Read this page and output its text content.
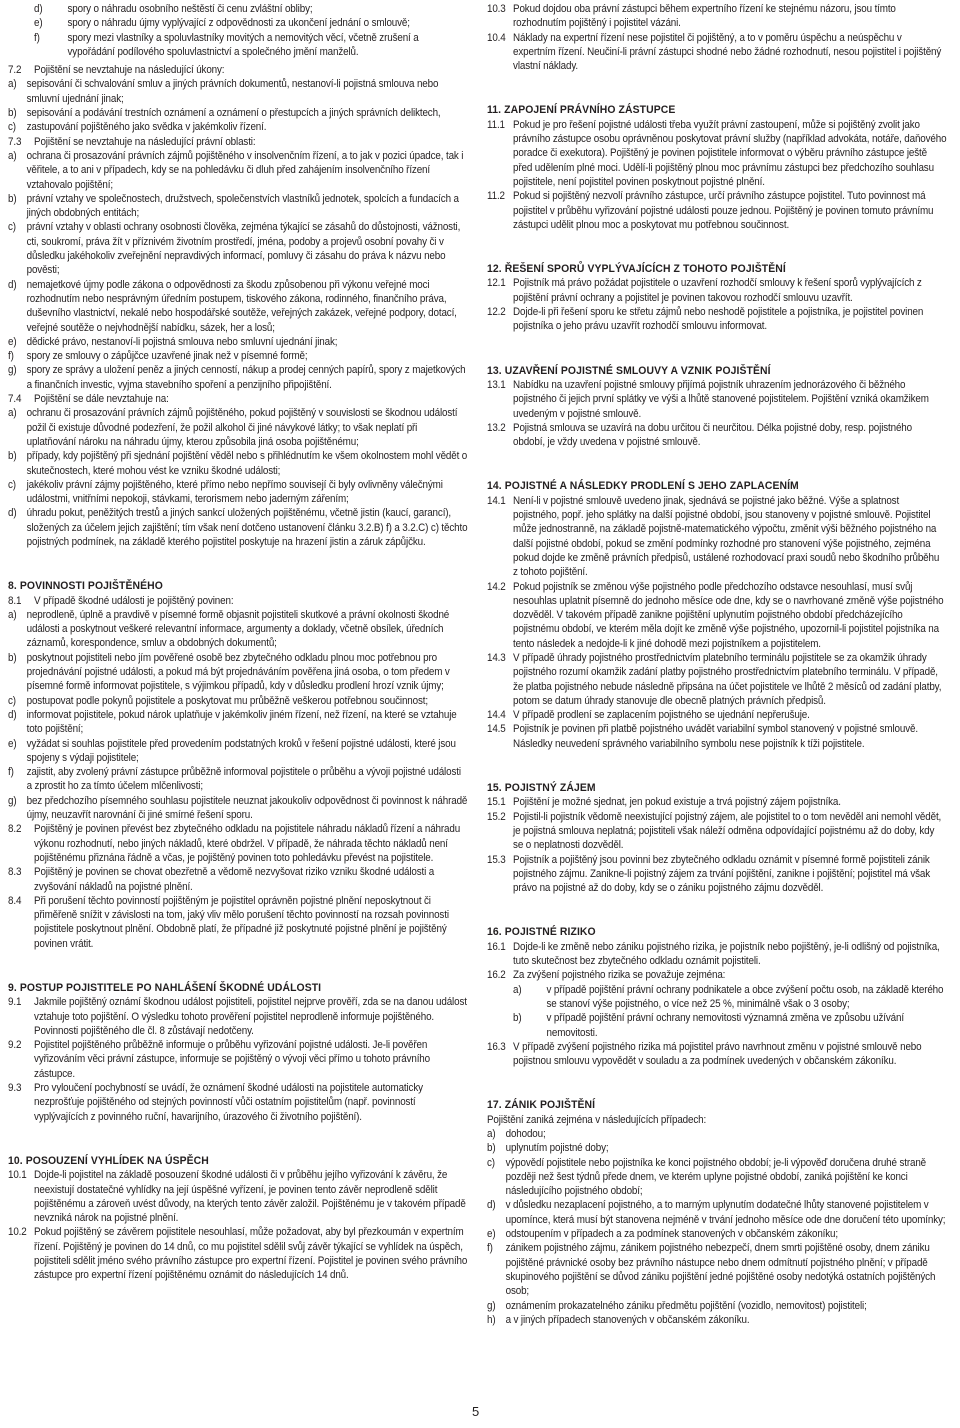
d) spory o náhradu osobního neštěstí či cenu zvláštní obliby;
e) spory o náhradu újmy vyplývající z odpovědnosti za ukončení jednání o smlouvě;
f)	spory mezi vlastníky a spoluvlastníky movitých a nemovitých věcí, včetně zrušení a vypořádání podílového spoluvlastnictví a společného jmění manželů.
7.2 Pojištění se nevztahuje na následující úkony:
a) sepisování či schvalování smluv a jiných právních dokumentů, nestanoví-li pojistná smlouva nebo smluvní ujednání jinak;
b) sepisování a podávání trestních oznámení a oznámení o přestupcích a jiných správních deliktech,
c) zastupování pojištěného jako svědka v jakémkoliv řízení.
7.3 Pojištění se nevztahuje na následující právní oblasti:
a) ochrana či prosazování právních zájmů pojištěného v insolvenčním řízení, a to jak v pozici úpadce, tak i věřitele, a to ani v případech, kdy se na pohledávku či dluh před zahájením insolvenčního řízení vztahovalo pojištění;
b) právní vztahy ve společnostech, družstvech, společenstvích vlastníků jednotek, spolcích a fundacích a jiných obdobných entitách;
c) právní vztahy v oblasti ochrany osobnosti člověka, zejména týkající se zásahů do důstojnosti, vážnosti, cti, soukromí, práva žít v příznivém životním prostředí, jména, podoby a projevů osobní povahy či v důsledku jakéhokoliv zveřejnění nepravdivých informací, pomluvy či zásahu do práva k názvu nebo pověsti;
d) nemajetkové újmy podle zákona o odpovědnosti za škodu způsobenou při výkonu veřejné moci rozhodnutím nebo nesprávným úředním postupem, tiskového zákona, rodinného, finančního práva, duševního vlastnictví, nekalé nebo hospodářské soutěže, veřejných zakázek, veřejné podpory, dotací, veřejné soutěže o nejvhodnější nabídku, sázek, her a losů;
e) dědické právo, nestanoví-li pojistná smlouva nebo smluvní ujednání jinak;
f) spory ze smlouvy o zápůjčce uzavřené jinak než v písemné formě;
g) spory ze správy a uložení peněz a jiných cenností, nákup a prodej cenných papírů, spory z majetkových a finančních investic, vyjma stavebního spoření a penzijního připojištění.
7.4 Pojištění se dále nevztahuje na:
a) ochranu či prosazování právních zájmů pojištěného, pokud pojištěný v souvislosti se škodnou událostí požil či existuje důvodné podezření, že požil alkohol či jiné návykové látky; to však neplatí při uplatňování nároku na náhradu újmy, kterou způsobila jiná osoba pojištěnému;
b) případy, kdy pojištěný při sjednání pojištění věděl nebo s přihlédnutím ke všem okolnostem mohl vědět o skutečnostech, které mohou vést ke vzniku škodné události;
c) jakékoliv právní zájmy pojištěného, které přímo nebo nepřímo souvisejí či byly ovlivněny válečnými událostmi, vnitřními nepokoji, stávkami, terorismem nebo jaderným zářením;
d) úhradu pokut, peněžitých trestů a jiných sankcí uložených pojištěnému, včetně jistin (kaucí, garancí), složených za účelem jejich zajištění; tím však není dotčeno ustanovení článku 3.2.B) f) a 3.2.C) c) těchto pojistných podmínek, na základě kterého pojistitel poskytuje na hrazení jistin a záruk zápůjčku.

8. POVINNOSTI POJIŠTĚNÉHO

8.1 V případě škodné události je pojištěný povinen:
a) neprodleně, úplně a pravdivě v písemné formě objasnit pojistiteli skutkové a právní okolnosti škodné události a poskytnout veškeré relevantní informace, argumenty a doklady, včetně obsílek, úředních záznamů, korespondence, smluv a obdobných dokumentů;
b) poskytnout pojistiteli nebo jím pověřené osobě bez zbytečného odkladu plnou moc potřebnou pro projednávání pojistné události, a pokud má být projednáváním pověřena jiná osoba, o tom předem v písemné formě informovat pojistitele, s výjimkou případů, kdy v důsledku prodlení hrozí vznik újmy;
c) postupovat podle pokynů pojistitele a poskytovat mu průběžně veškerou potřebnou součinnost;
d) informovat pojistitele, pokud nárok uplatňuje v jakémkoliv jiném řízení, než řízení, na které se vztahuje toto pojištění;
e) vyžádat si souhlas pojistitele před provedením podstatných kroků v řešení pojistné události, které jsou spojeny s výdaji pojistitele;
f) zajistit, aby zvolený právní zástupce průběžně informoval pojistitele o průběhu a vývoji pojistné události a zprostit ho za tímto účelem mlčenlivosti;
g) bez předchozího písemného souhlasu pojistitele neuznat jakoukoliv odpovědnost či povinnost k náhradě újmy, neuzavřít narovnání či jiné smírné řešení sporu.
8.2 Pojištěný je povinen převést bez zbytečného odkladu na pojistitele náhradu nákladů řízení a náhradu výkonu rozhodnutí, nebo jiných nákladů, které obdržel. V případě, že náhrada těchto nákladů není pojištěnému přiznána řádně a včas, je pojištěný povinen toto pohledávku převést na pojistitele.
8.3 Pojištěný je povinen se chovat obezřetně a vědomě nezvyšovat riziko vzniku škodné události a zvyšování nákladů na pojistné plnění.
8.4 Při porušení těchto povinností pojištěným je pojistitel oprávněn pojistné plnění neposkytnout či přiměřeně snížit v závislosti na tom, jaký vliv mělo porušení těchto povinností na rozsah povinnosti pojistitele poskytnout plnění. Obdobně platí, že případné již poskytnuté pojistné plnění je pojištěný povinen vrátit.

9. POSTUP POJISTITELE PO NAHLÁŠENÍ ŠKODNÉ UDÁLOSTI

9.1 Jakmile pojištěný oznámí škodnou událost pojistiteli, pojistitel nejprve prověří, zda se na danou událost vztahuje toto pojištění. O výsledku tohoto prověření pojistitel neprodleně informuje pojištěného. Povinnosti pojištěného dle čl. 8 zůstávají nedotčeny.
9.2 Pojistitel pojištěného průběžně informuje o průběhu vyřizování pojistné události. Je-li pověřen vyřizováním věci právní zástupce, informuje se pojištěný o vývoji věci přímo u tohoto právního zástupce.
9.3 Pro vyloučení pochybností se uvádí, že oznámení škodné události na pojistitele automaticky nezprošťuje pojištěného od stejných povinností vůči ostatním pojistitelům (např. povinností vyplývajících z povinného ruční, havarijního, úrazového či životního pojištění).

10. POSOUZENÍ VYHLÍDEK NA ÚSPĚCH

10.1 Dojde-li pojistitel na základě posouzení škodné události či v průběhu jejího vyřizování k závěru, že neexistují dostatečné vyhlídky na její úspěšné vyřízení, je povinen tento závěr neprodleně sdělit pojištěnému a zároveň uvést důvody, na kterých tento závěr založil. Pojištěnému je v takovém případě nevzniká nárok na pojistné plnění.
10.2 Pokud pojištěný se závěrem pojistitele nesouhlasí, může požadovat, aby byl přezkoumán v expertním řízení. Pojištěný je povinen do 14 dnů, co mu pojistitel sdělil svůj závěr týkající se vyhlídek na úspěch, pojistiteli sdělit jméno svého právního zástupce pro expertní řízení. Pojistitel je povinen svého právního zástupce pro expertní řízení pojištěnému oznámit do následujících 14 dnů.
10.3 Pokud dojdou oba právní zástupci během expertního řízení ke stejnému názoru, jsou tímto rozhodnutím pojištěný i pojistitel vázáni.
10.4 Náklady na expertní řízení nese pojistitel či pojištěný, a to v poměru úspěchu a neúspěchu v expertním řízení. Neučiní-li právní zástupci shodné nebo žádné rozhodnutí, nesou pojistitel i pojištěný vlastní náklady.

11. ZAPOJENÍ PRÁVNÍHO ZÁSTUPCE

11.1 Pokud je pro řešení pojistné události třeba využít právní zastoupení, může si pojištěný zvolit jako právního zástupce osobu oprávněnou poskytovat právní služby (například advokáta, notáře, daňového poradce či exekutora). Pojištěný je povinen pojistitele informovat o výběru právního zástupce ještě před udělením plné moci. Udělí-li pojištěný plnou moc právnímu zástupci bez předchozího souhlasu pojistitele, není pojistitel povinen poskytnout pojistné plnění.
11.2 Pokud si pojištěný nezvolí právního zástupce, určí právního zástupce pojistitel. Tuto povinnost má pojistitel v průběhu vyřizování pojistné události pouze jednou. Pojištěný je povinen tomuto právnímu zástupci udělit plnou moc a poskytovat mu potřebnou součinnost.

12. ŘEŠENÍ SPORŮ VYPLÝVAJÍCÍCH Z TOHOTO POJIŠTĚNÍ

12.1 Pojistník má právo požádat pojistitele o uzavření rozhodčí smlouvy k řešení sporů vyplývajících z pojištění právní ochrany a pojistitel je povinen takovou rozhodčí smlouvu uzavřít.
12.2 Dojde-li při řešení sporu ke střetu zájmů nebo neshodě pojistitele a pojistníka, je pojistitel povinen pojistníka o jeho právu uzavřít rozhodčí smlouvu informovat.

13. UZAVŘENÍ POJISTNÉ SMLOUVY A VZNIK POJIŠTĚNÍ

13.1 Nabídku na uzavření pojistné smlouvy přijímá pojistník uhrazením jednorázového či běžného pojistného či jejich první splátky ve výši a lhůtě stanovené pojistitelem. Pojištění vzniká okamžikem uvedeným v pojistné smlouvě.
13.2 Pojistná smlouva se uzavírá na dobu určitou či neurčitou. Délka pojistné doby, resp. pojistného období, je vždy uvedena v pojistné smlouvě.

14. POJISTNÉ A NÁSLEDKY PRODLENÍ S JEHO ZAPLACENÍM

14.1 Není-li v pojistné smlouvě uvedeno jinak, sjednává se pojistné jako běžné. Výše a splatnost pojistného, popř. jeho splátky na další pojistné období, jsou stanoveny v pojistné smlouvě. Pojistitel může jednostranně, na základě pojistně-matematického výpočtu, změnit výši běžného pojistného na další pojistné období, pokud se změní podmínky rozhodné pro stanovení výše pojistného, zejména pokud dojde ke změně právních předpisů, ustálené rozhodovací praxi soudů nebo škodního průběhu z tohoto pojištění.
14.2 Pokud pojistník se změnou výše pojistného podle předchozího odstavce nesouhlasí, musí svůj nesouhlas uplatnit písemně do jednoho měsíce ode dne, kdy se o navrhované změně výše pojistného dozvěděl. V takovém případě zanikne pojištění uplynutím pojistného období předcházejícího pojistnému období, ve kterém měla dojít ke změně výše pojistného, upozornil-li pojistitel pojistníka na tento následek a nedojde-li k jiné dohodě mezi pojistníkem a pojistitelem.
14.3 V případě úhrady pojistného prostřednictvím platebního terminálu pojistitele se za okamžik úhrady pojistného rozumí okamžik zadání platby pojistného prostřednictvím platebního terminálu. V případě, že platba pojistného nebude následně připsána na účet pojistitele ve lhůtě 2 měsíců od zadání platby, potom se datum úhrady stanovuje dle obecně platných právních předpisů.
14.4 V případě prodlení se zaplacením pojistného se ujednání nepřerušuje.
14.5 Pojistník je povinen při platbě pojistného uvádět variabilní symbol stanovený v pojistné smlouvě. Následky neuvedení správného variabilního symbolu nese pojistník k tíži pojistitele.

15. POJISTNÝ ZÁJEM

15.1 Pojištění je možné sjednat, jen pokud existuje a trvá pojistný zájem pojistníka.
15.2 Pojistil-li pojistník vědomě neexistující pojistný zájem, ale pojistitel to o tom nevěděl ani nemohl vědět, je pojistná smlouva neplatná; pojistiteli však náleží odměna odpovídající pojistnému až do doby, kdy se o neplatnosti dozvěděl.
15.3 Pojistník a pojištěný jsou povinni bez zbytečného odkladu oznámit v písemné formě pojistiteli zánik pojistného zájmu. Zanikne-li pojistný zájem za trvání pojištění, zanikne i pojištění; pojistitel má však právo na pojistné až do doby, kdy se o zániku pojistného zájmu dozvěděl.

16. POJISTNÉ RIZIKO

16.1 Dojde-li ke změně nebo zániku pojistného rizika, je pojistník nebo pojištěný, je-li odlišný od pojistníka, tuto skutečnost bez zbytečného odkladu oznámit pojistiteli.
16.2 Za zvýšení pojistného rizika se považuje zejména:
a) v případě pojištění právní ochrany podnikatele a obce zvýšení počtu osob, na základě kterého se stanoví výše pojistného, o více než 25 %, minimálně však o 3 osoby;
b) v případě pojištění právní ochrany nemovitosti významná změna ve způsobu užívání nemovitosti.
16.3 V případě zvýšení pojistného rizika má pojistitel právo navrhnout změnu v pojistné smlouvě nebo pojistnou smlouvu vypovědět v souladu a za podmínek uvedených v občanském zákoníku.

17. ZÁNIK POJIŠTĚNÍ

Pojištění zaniká zejména v následujících případech:

a) dohodou;
b) uplynutím pojistné doby;
c) výpovědí pojistitele nebo pojistníka ke konci pojistného období; je-li výpověď doručena druhé straně později než šest týdnů přede dnem, ve kterém uplyne pojistné období, zaniká pojištění ke konci následujícího pojistného období;
d) v důsledku nezaplacení pojistného, a to marným uplynutím dodatečné lhůty stanovené pojistitelem v upomínce, která musí být stanovena nejméně v trvání jednoho měsíce ode dne doručení této upomínky;
e) odstoupením v případech a za podmínek stanovených v občanském zákoníku;
f) zánikem pojistného zájmu, zánikem pojistného nebezpečí, dnem smrti pojištěné osoby, dnem zániku pojištěné právnické osoby bez právního nástupce nebo dnem odmítnutí pojistného plnění; v případě skupinového pojištění se důvod zániku pojištění jedné pojištěné osoby nedotýká ostatních pojištěných osob;
g) oznámením prokazatelného zániku předmětu pojištění (vozidlo, nemovitost) pojistiteli;
h) a v jiných případech stanovených v občanském zákoníku.
5
